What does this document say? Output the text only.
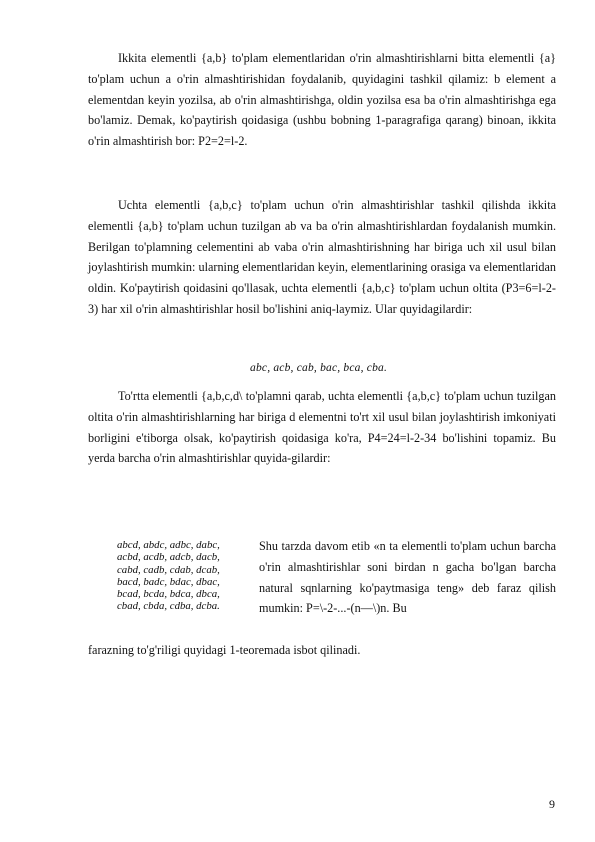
Ikkita elementli {a,b} to'plam elementlaridan o'rin almashtirishlarni bitta elementli {a} to'plam uchun a o'rin almashtirishidan foydalanib, quyidagini tashkil qilamiz: b element a elementdan keyin yozilsa, ab o'rin almashtirishga, oldin yozilsa esa ba o'rin almashtirishga ega bo'lamiz. Demak, ko'paytirish qoidasiga (ushbu bobning 1-paragrafiga qarang) binoan, ikkita o'rin almashtirish bor: P2=2=l-2.

Uchta elementli {a,b,c} to'plam uchun o'rin almashtirishlar tashkil qilishda ikkita elementli {a,b} to'plam uchun tuzilgan ab va ba o'rin almashtirishlardan foydalanish mumkin. Berilgan to'plamning celementini ab vaba o'rin almashtirishning har biriga uch xil usul bilan joylashtirish mumkin: ularning elementlaridan keyin, elementlarining orasiga va elementlaridan oldin. Ko'paytirish qoidasini qo'llasak, uchta elementli {a,b,c} to'plam uchun oltita (P3=6=l-2-3) har xil o'rin almashtirishlar hosil bo'lishini aniq-laymiz. Ular quyidagilardir:

abc, acb, cab, bac, bca, cba.

To'rtta elementli {a,b,c,d\ to'plamni qarab, uchta elementli {a,b,c} to'plam uchun tuzilgan oltita o'rin almashtirishlarning har biriga d elementni to'rt xil usul bilan joylashtirish imkoniyati borligini e'tiborga olsak, ko'paytirish qoidasiga ko'ra, P4=24=l-2-34 bo'lishini topamiz. Bu yerda barcha o'rin almashtirishlar quyida-gilardir:

abcd, abdc, adbc, dabc,
acbd, acdb, adcb, dacb,
cabd, cadb, cdab, dcab,
bacd, badc, bdac, dbac,
bcad, bcda, bdca, dbca,
cbad, cbda, cdba, dcba.

Shu tarzda davom etib «n ta elementli to'plam uchun barcha o'rin almashtirishlar soni birdan n gacha bo'lgan barcha natural sqnlarning ko'paytmasiga teng» deb faraz qilish mumkin: P=\-2-...-(n—\)n. Bu

farazning to'g'riligi quyidagi 1-teoremada isbot qilinadi.

9
